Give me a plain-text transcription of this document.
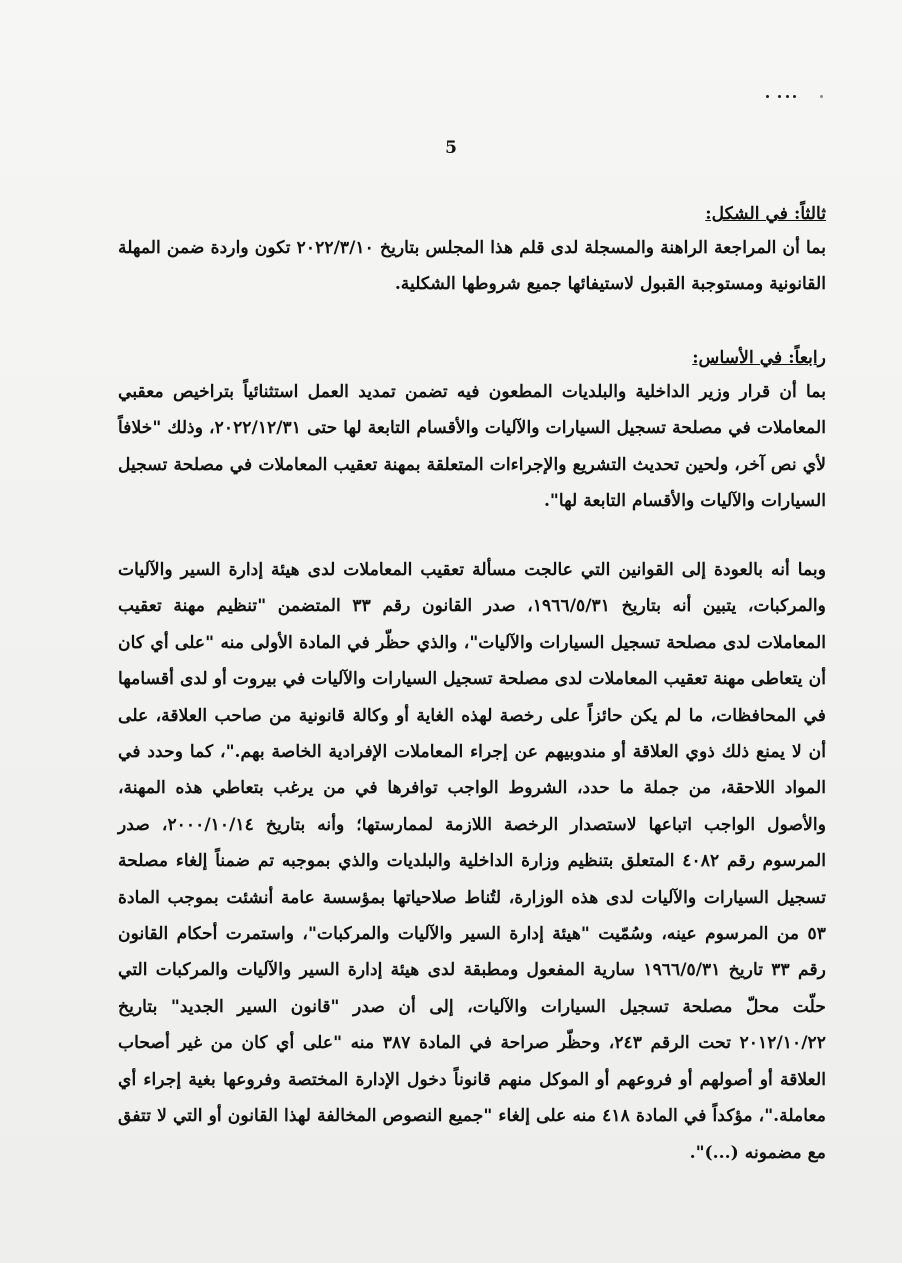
5
ثالثاً: في الشكل:

بما أن المراجعة الراهنة والمسجلة لدى قلم هذا المجلس بتاريخ ٢٠٢٢/٣/١٠ تكون واردة ضمن المهلة القانونية ومستوجبة القبول لاستيفائها جميع شروطها الشكلية.

رابعاً: في الأساس:

بما أن قرار وزير الداخلية والبلديات المطعون فيه تضمن تمديد العمل استثنائياً بتراخيص معقبي المعاملات في مصلحة تسجيل السيارات والآليات والأقسام التابعة لها حتى ٢٠٢٢/١٢/٣١، وذلك "خلافاً لأي نص آخر، ولحين تحديث التشريع والإجراءات المتعلقة بمهنة تعقيب المعاملات في مصلحة تسجيل السيارات والآليات والأقسام التابعة لها".

وبما أنه بالعودة إلى القوانين التي عالجت مسألة تعقيب المعاملات لدى هيئة إدارة السير والآليات والمركبات، يتبين أنه بتاريخ ١٩٦٦/٥/٣١، صدر القانون رقم ٣٣ المتضمن "تنظيم مهنة تعقيب المعاملات لدى مصلحة تسجيل السيارات والآليات"، والذي حظّر في المادة الأولى منه "على أي كان أن يتعاطى مهنة تعقيب المعاملات لدى مصلحة تسجيل السيارات والآليات في بيروت أو لدى أقسامها في المحافظات، ما لم يكن حائزاً على رخصة لهذه الغاية أو وكالة قانونية من صاحب العلاقة، على أن لا يمنع ذلك ذوي العلاقة أو مندوبيهم عن إجراء المعاملات الإفرادية الخاصة بهم."، كما وحدد في المواد اللاحقة، من جملة ما حدد، الشروط الواجب توافرها في من يرغب بتعاطي هذه المهنة، والأصول الواجب اتباعها لاستصدار الرخصة اللازمة لممارستها؛ وأنه بتاريخ ٢٠٠٠/١٠/١٤، صدر المرسوم رقم ٤٠٨٢ المتعلق بتنظيم وزارة الداخلية والبلديات والذي بموجبه تم ضمناً إلغاء مصلحة تسجيل السيارات والآليات لدى هذه الوزارة، لتُناط صلاحياتها بمؤسسة عامة أنشئت بموجب المادة ٥٣ من المرسوم عينه، وسُمّيت "هيئة إدارة السير والآليات والمركبات"، واستمرت أحكام القانون رقم ٣٣ تاريخ ١٩٦٦/٥/٣١ سارية المفعول ومطبقة لدى هيئة إدارة السير والآليات والمركبات التي حلّت محلّ مصلحة تسجيل السيارات والآليات، إلى أن صدر "قانون السير الجديد" بتاريخ ٢٠١٢/١٠/٢٢ تحت الرقم ٢٤٣، وحظّر صراحة في المادة ٣٨٧ منه "على أي كان من غير أصحاب العلاقة أو أصولهم أو فروعهم أو الموكل منهم قانوناً دخول الإدارة المختصة وفروعها بغية إجراء أي معاملة."، مؤكداً في المادة ٤١٨ منه على إلغاء "جميع النصوص المخالفة لهذا القانون أو التي لا تتفق مع مضمونه (...)".
